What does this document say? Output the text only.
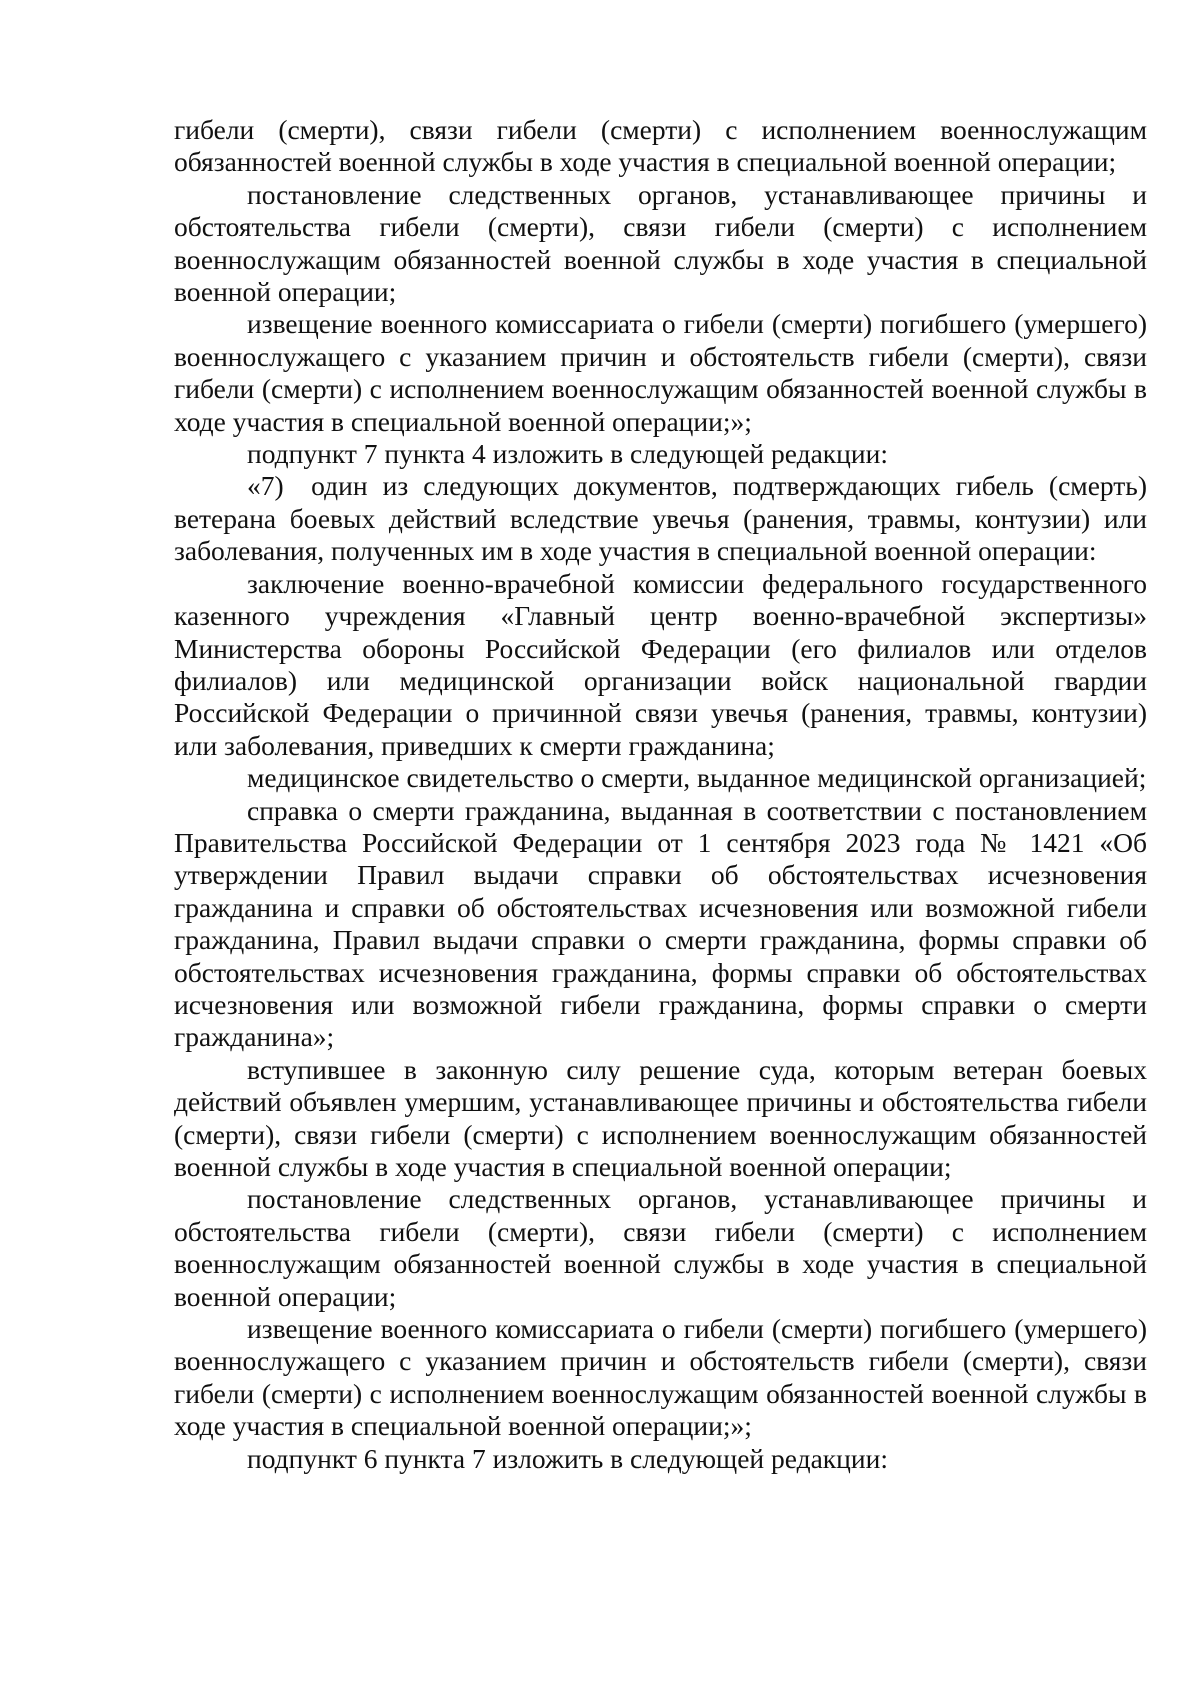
гибели (смерти), связи гибели (смерти) с исполнением военнослужащим обязанностей военной службы в ходе участия в специальной военной операции;

постановление следственных органов, устанавливающее причины и обстоятельства гибели (смерти), связи гибели (смерти) с исполнением военнослужащим обязанностей военной службы в ходе участия в специальной военной операции;

извещение военного комиссариата о гибели (смерти) погибшего (умершего) военнослужащего с указанием причин и обстоятельств гибели (смерти), связи гибели (смерти) с исполнением военнослужащим обязанностей военной службы в ходе участия в специальной военной операции;»;

подпункт 7 пункта 4 изложить в следующей редакции:

«7) один из следующих документов, подтверждающих гибель (смерть) ветерана боевых действий вследствие увечья (ранения, травмы, контузии) или заболевания, полученных им в ходе участия в специальной военной операции:

заключение военно-врачебной комиссии федерального государственного казенного учреждения «Главный центр военно-врачебной экспертизы» Министерства обороны Российской Федерации (его филиалов или отделов филиалов) или медицинской организации войск национальной гвардии Российской Федерации о причинной связи увечья (ранения, травмы, контузии) или заболевания, приведших к смерти гражданина;

медицинское свидетельство о смерти, выданное медицинской организацией;

справка о смерти гражданина, выданная в соответствии с постановлением Правительства Российской Федерации от 1 сентября 2023 года № 1421 «Об утверждении Правил выдачи справки об обстоятельствах исчезновения гражданина и справки об обстоятельствах исчезновения или возможной гибели гражданина, Правил выдачи справки о смерти гражданина, формы справки об обстоятельствах исчезновения гражданина, формы справки об обстоятельствах исчезновения или возможной гибели гражданина, формы справки о смерти гражданина»;

вступившее в законную силу решение суда, которым ветеран боевых действий объявлен умершим, устанавливающее причины и обстоятельства гибели (смерти), связи гибели (смерти) с исполнением военнослужащим обязанностей военной службы в ходе участия в специальной военной операции;

постановление следственных органов, устанавливающее причины и обстоятельства гибели (смерти), связи гибели (смерти) с исполнением военнослужащим обязанностей военной службы в ходе участия в специальной военной операции;

извещение военного комиссариата о гибели (смерти) погибшего (умершего) военнослужащего с указанием причин и обстоятельств гибели (смерти), связи гибели (смерти) с исполнением военнослужащим обязанностей военной службы в ходе участия в специальной военной операции;»;

подпункт 6 пункта 7 изложить в следующей редакции:
